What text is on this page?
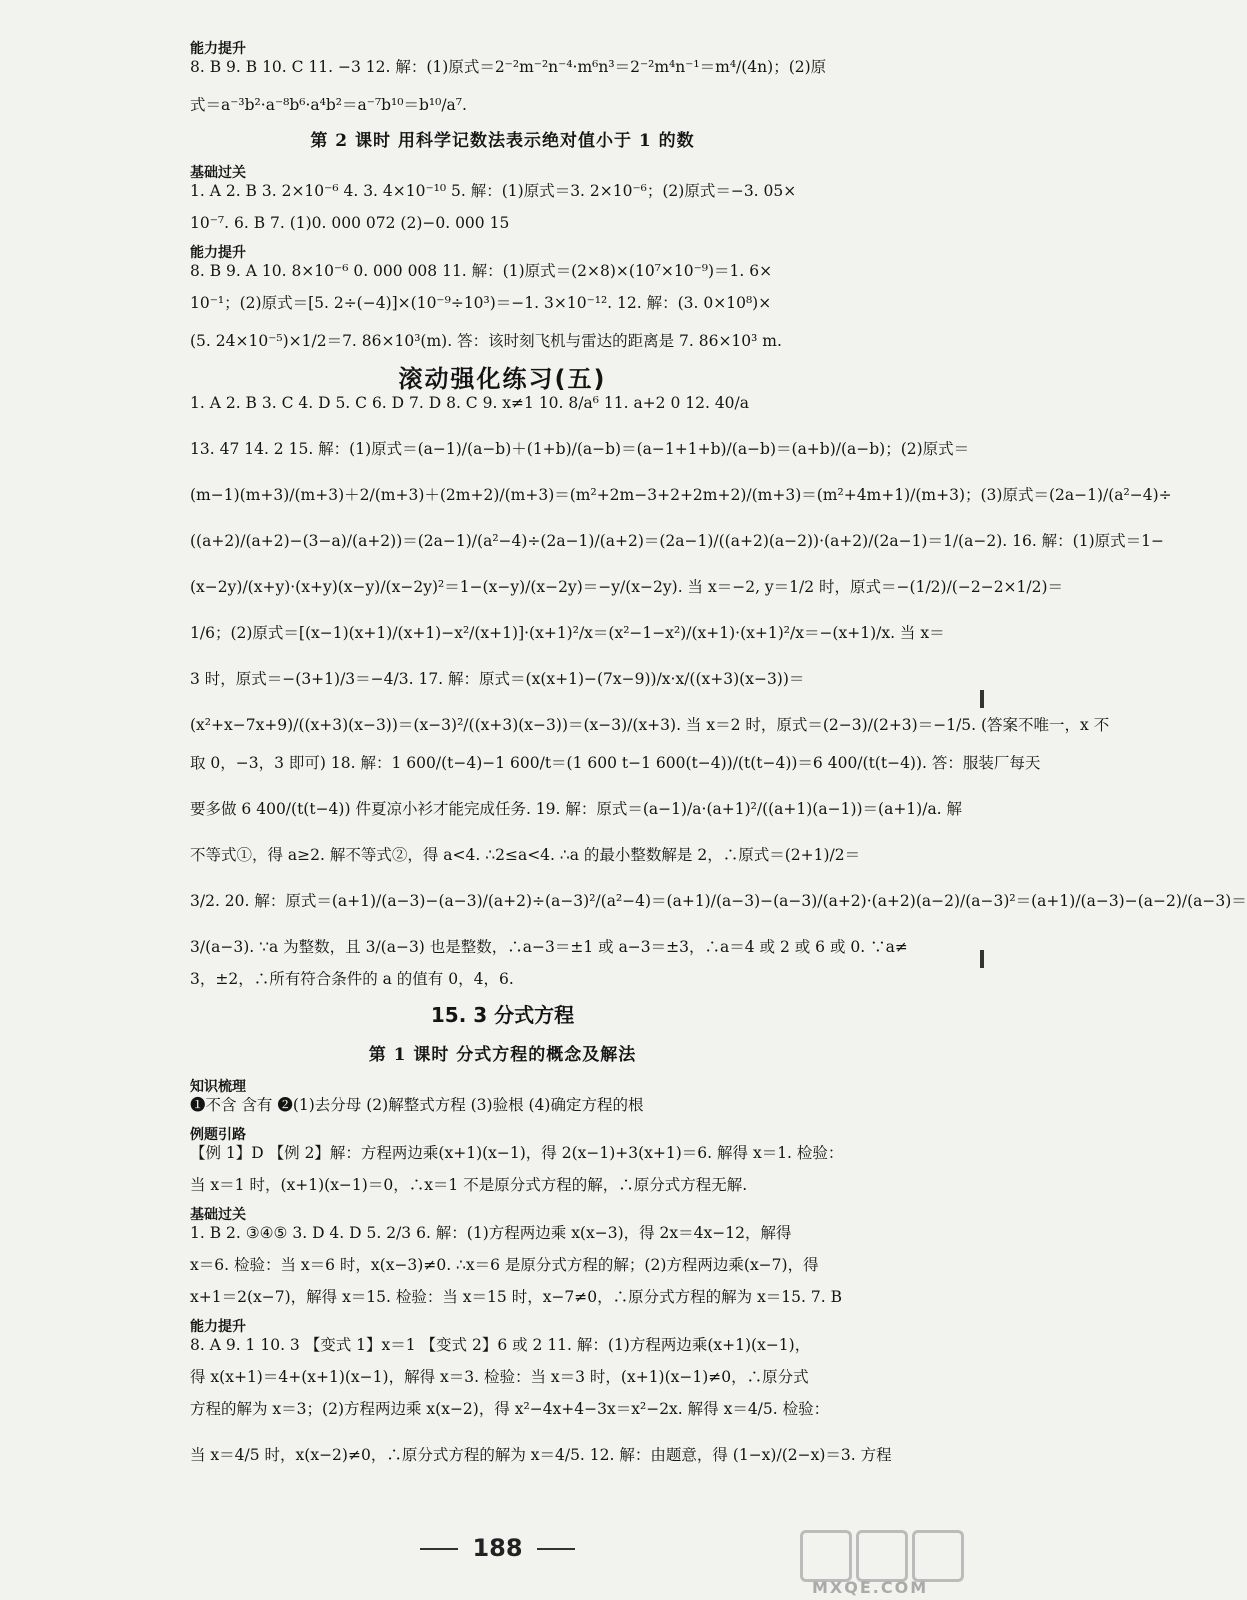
能力提升
8. B 9. B 10. C 11. −3 12. 解：(1)原式＝2⁻²m⁻²n⁻⁴·m⁶n³＝2⁻²m⁴n⁻¹＝m⁴/(4n)；(2)原
式＝a⁻³b²·a⁻⁸b⁶·a⁴b²＝a⁻⁷b¹⁰＝b¹⁰/a⁷.
第 2 课时 用科学记数法表示绝对值小于 1 的数
基础过关
1. A 2. B 3. 2×10⁻⁶ 4. 3. 4×10⁻¹⁰ 5. 解：(1)原式＝3. 2×10⁻⁶；(2)原式＝−3. 05×
10⁻⁷. 6. B 7. (1)0. 000 072 (2)−0. 000 15
能力提升
8. B 9. A 10. 8×10⁻⁶ 0. 000 008 11. 解：(1)原式＝(2×8)×(10⁷×10⁻⁹)＝1. 6×
10⁻¹；(2)原式＝[5. 2÷(−4)]×(10⁻⁹÷10³)＝−1. 3×10⁻¹². 12. 解：(3. 0×10⁸)×
(5. 24×10⁻⁵)×1/2＝7. 86×10³(m). 答：该时刻飞机与雷达的距离是 7. 86×10³ m.
滚动强化练习(五)
1. A 2. B 3. C 4. D 5. C 6. D 7. D 8. C 9. x≠1 10. 8/a⁶ 11. a+2 0 12. 40/a
13. 47 14. 2 15. 解：(1)原式＝(a−1)/(a−b)＋(1+b)/(a−b)＝(a−1+1+b)/(a−b)＝(a+b)/(a−b)；(2)原式＝
(m−1)(m+3)/(m+3)＋2/(m+3)＋(2m+2)/(m+3)＝(m²+2m−3+2+2m+2)/(m+3)＝(m²+4m+1)/(m+3)；(3)原式＝(2a−1)/(a²−4)÷
((a+2)/(a+2)−(3−a)/(a+2))＝(2a−1)/(a²−4)÷(2a−1)/(a+2)＝(2a−1)/((a+2)(a−2))·(a+2)/(2a−1)＝1/(a−2). 16. 解：(1)原式＝1−
(x−2y)/(x+y)·(x+y)(x−y)/(x−2y)²＝1−(x−y)/(x−2y)＝−y/(x−2y). 当 x＝−2, y＝1/2 时，原式＝−(1/2)/(−2−2×1/2)＝
1/6；(2)原式＝[(x−1)(x+1)/(x+1)−x²/(x+1)]·(x+1)²/x＝(x²−1−x²)/(x+1)·(x+1)²/x＝−(x+1)/x. 当 x＝
3 时，原式＝−(3+1)/3＝−4/3. 17. 解：原式＝(x(x+1)−(7x−9))/x·x/((x+3)(x−3))＝
(x²+x−7x+9)/((x+3)(x−3))＝(x−3)²/((x+3)(x−3))＝(x−3)/(x+3). 当 x＝2 时，原式＝(2−3)/(2+3)＝−1/5. (答案不唯一，x 不
取 0，−3，3 即可) 18. 解：1 600/(t−4)−1 600/t＝(1 600 t−1 600(t−4))/(t(t−4))＝6 400/(t(t−4)). 答：服装厂每天
要多做 6 400/(t(t−4)) 件夏凉小衫才能完成任务. 19. 解：原式＝(a−1)/a·(a+1)²/((a+1)(a−1))＝(a+1)/a. 解
不等式①，得 a≥2. 解不等式②，得 a<4. ∴2≤a<4. ∴a 的最小整数解是 2，∴原式＝(2+1)/2＝
3/2. 20. 解：原式＝(a+1)/(a−3)−(a−3)/(a+2)÷(a−3)²/(a²−4)＝(a+1)/(a−3)−(a−3)/(a+2)·(a+2)(a−2)/(a−3)²＝(a+1)/(a−3)−(a−2)/(a−3)＝
3/(a−3). ∵a 为整数，且 3/(a−3) 也是整数，∴a−3＝±1 或 a−3＝±3，∴a＝4 或 2 或 6 或 0. ∵a≠
3，±2，∴所有符合条件的 a 的值有 0，4，6.
15. 3 分式方程
第 1 课时 分式方程的概念及解法
知识梳理
❶不含 含有 ❷(1)去分母 (2)解整式方程 (3)验根 (4)确定方程的根
例题引路
【例 1】D 【例 2】解：方程两边乘(x+1)(x−1)，得 2(x−1)+3(x+1)＝6. 解得 x＝1. 检验：
当 x＝1 时，(x+1)(x−1)＝0，∴x＝1 不是原分式方程的解，∴原分式方程无解.
基础过关
1. B 2. ③④⑤ 3. D 4. D 5. 2/3 6. 解：(1)方程两边乘 x(x−3)，得 2x＝4x−12，解得
x＝6. 检验：当 x＝6 时，x(x−3)≠0. ∴x＝6 是原分式方程的解；(2)方程两边乘(x−7)，得
x+1＝2(x−7)，解得 x＝15. 检验：当 x＝15 时，x−7≠0，∴原分式方程的解为 x＝15. 7. B
能力提升
8. A 9. 1 10. 3 【变式 1】x＝1 【变式 2】6 或 2 11. 解：(1)方程两边乘(x+1)(x−1)，
得 x(x+1)＝4+(x+1)(x−1)，解得 x＝3. 检验：当 x＝3 时，(x+1)(x−1)≠0，∴原分式
方程的解为 x＝3；(2)方程两边乘 x(x−2)，得 x²−4x+4−3x＝x²−2x. 解得 x＝4/5. 检验：
当 x＝4/5 时，x(x−2)≠0，∴原分式方程的解为 x＝4/5. 12. 解：由题意，得 (1−x)/(2−x)＝3. 方程
188
MXQE.COM
